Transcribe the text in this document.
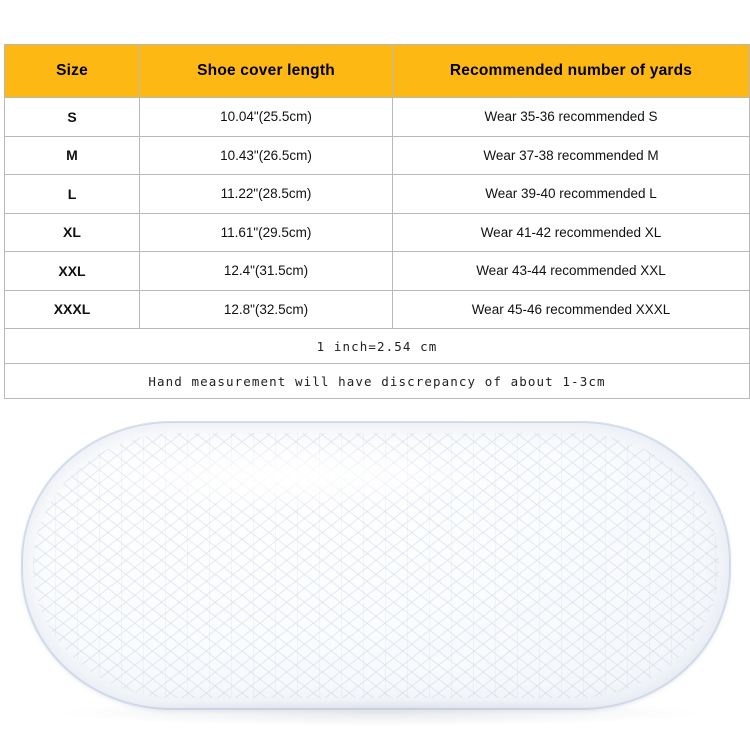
Size	Shoe cover length	Recommended number of yards
S	10.04"(25.5cm)	Wear 35-36 recommended S
M	10.43"(26.5cm)	Wear 37-38 recommended M
L	11.22"(28.5cm)	Wear 39-40 recommended L
XL	11.61"(29.5cm)	Wear 41-42 recommended XL
XXL	12.4"(31.5cm)	Wear 43-44 recommended XXL
XXXL	12.8"(32.5cm)	Wear 45-46 recommended XXXL
1 inch=2.54 cm		
Hand measurement will have discrepancy of about 1-3cm		
